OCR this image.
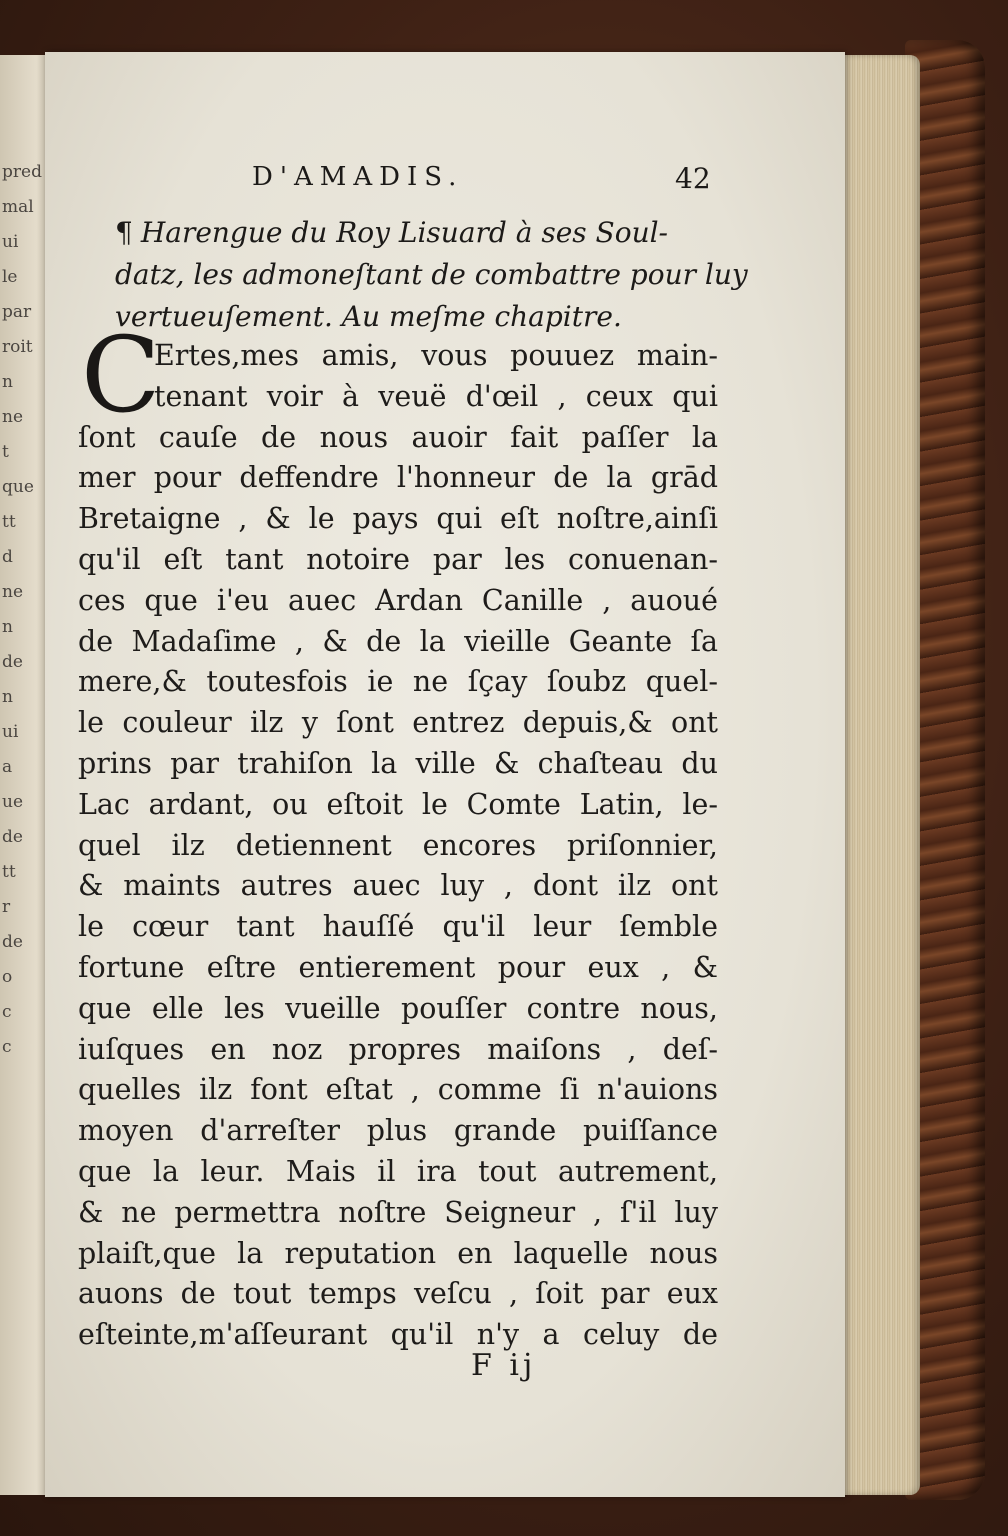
pred
mal
ui
le
par
roit
n
ne
t
que
tt
d
ne
n
de
n
ui
a
ue
de
tt
r
de
o
c
c
D'AMADIS.	42
¶ Harengue du Roy Lisuard à ses Soul-
datz, les admoneſtant de combattre pour luy
vertueuſement. Au meſme chapitre.
C
Ertes,mes amis, vous pouuez main-
tenant voir à veuë d'œil , ceux qui
ſont cauſe de nous auoir fait paſſer la
mer pour deffendre l'honneur de la grād
Bretaigne , & le pays qui eſt noſtre,ainſi
qu'il eſt tant notoire par les conuenan-
ces que i'eu auec Ardan Canille , auoué
de Madaſime , & de la vieille Geante ſa
mere,& toutesfois ie ne ſçay ſoubz quel-
le couleur ilz y ſont entrez depuis,& ont
prins par trahiſon la ville & chaſteau du
Lac ardant, ou eſtoit le Comte Latin, le-
quel ilz detiennent encores priſonnier,
& maints autres auec luy , dont ilz ont
le cœur tant hauſſé qu'il leur ſemble
fortune eſtre entierement pour eux , &
que elle les vueille pouſſer contre nous,
iuſques en noz propres maiſons , deſ-
quelles ilz font eſtat , comme ſi n'auions
moyen d'arreſter plus grande puiſſance
que la leur. Mais il ira tout autrement,
& ne permettra noſtre Seigneur , ſ'il luy
plaiſt,que la reputation en laquelle nous
auons de tout temps veſcu , ſoit par eux
eſteinte,m'aſſeurant qu'il n'y a celuy de
F ij
